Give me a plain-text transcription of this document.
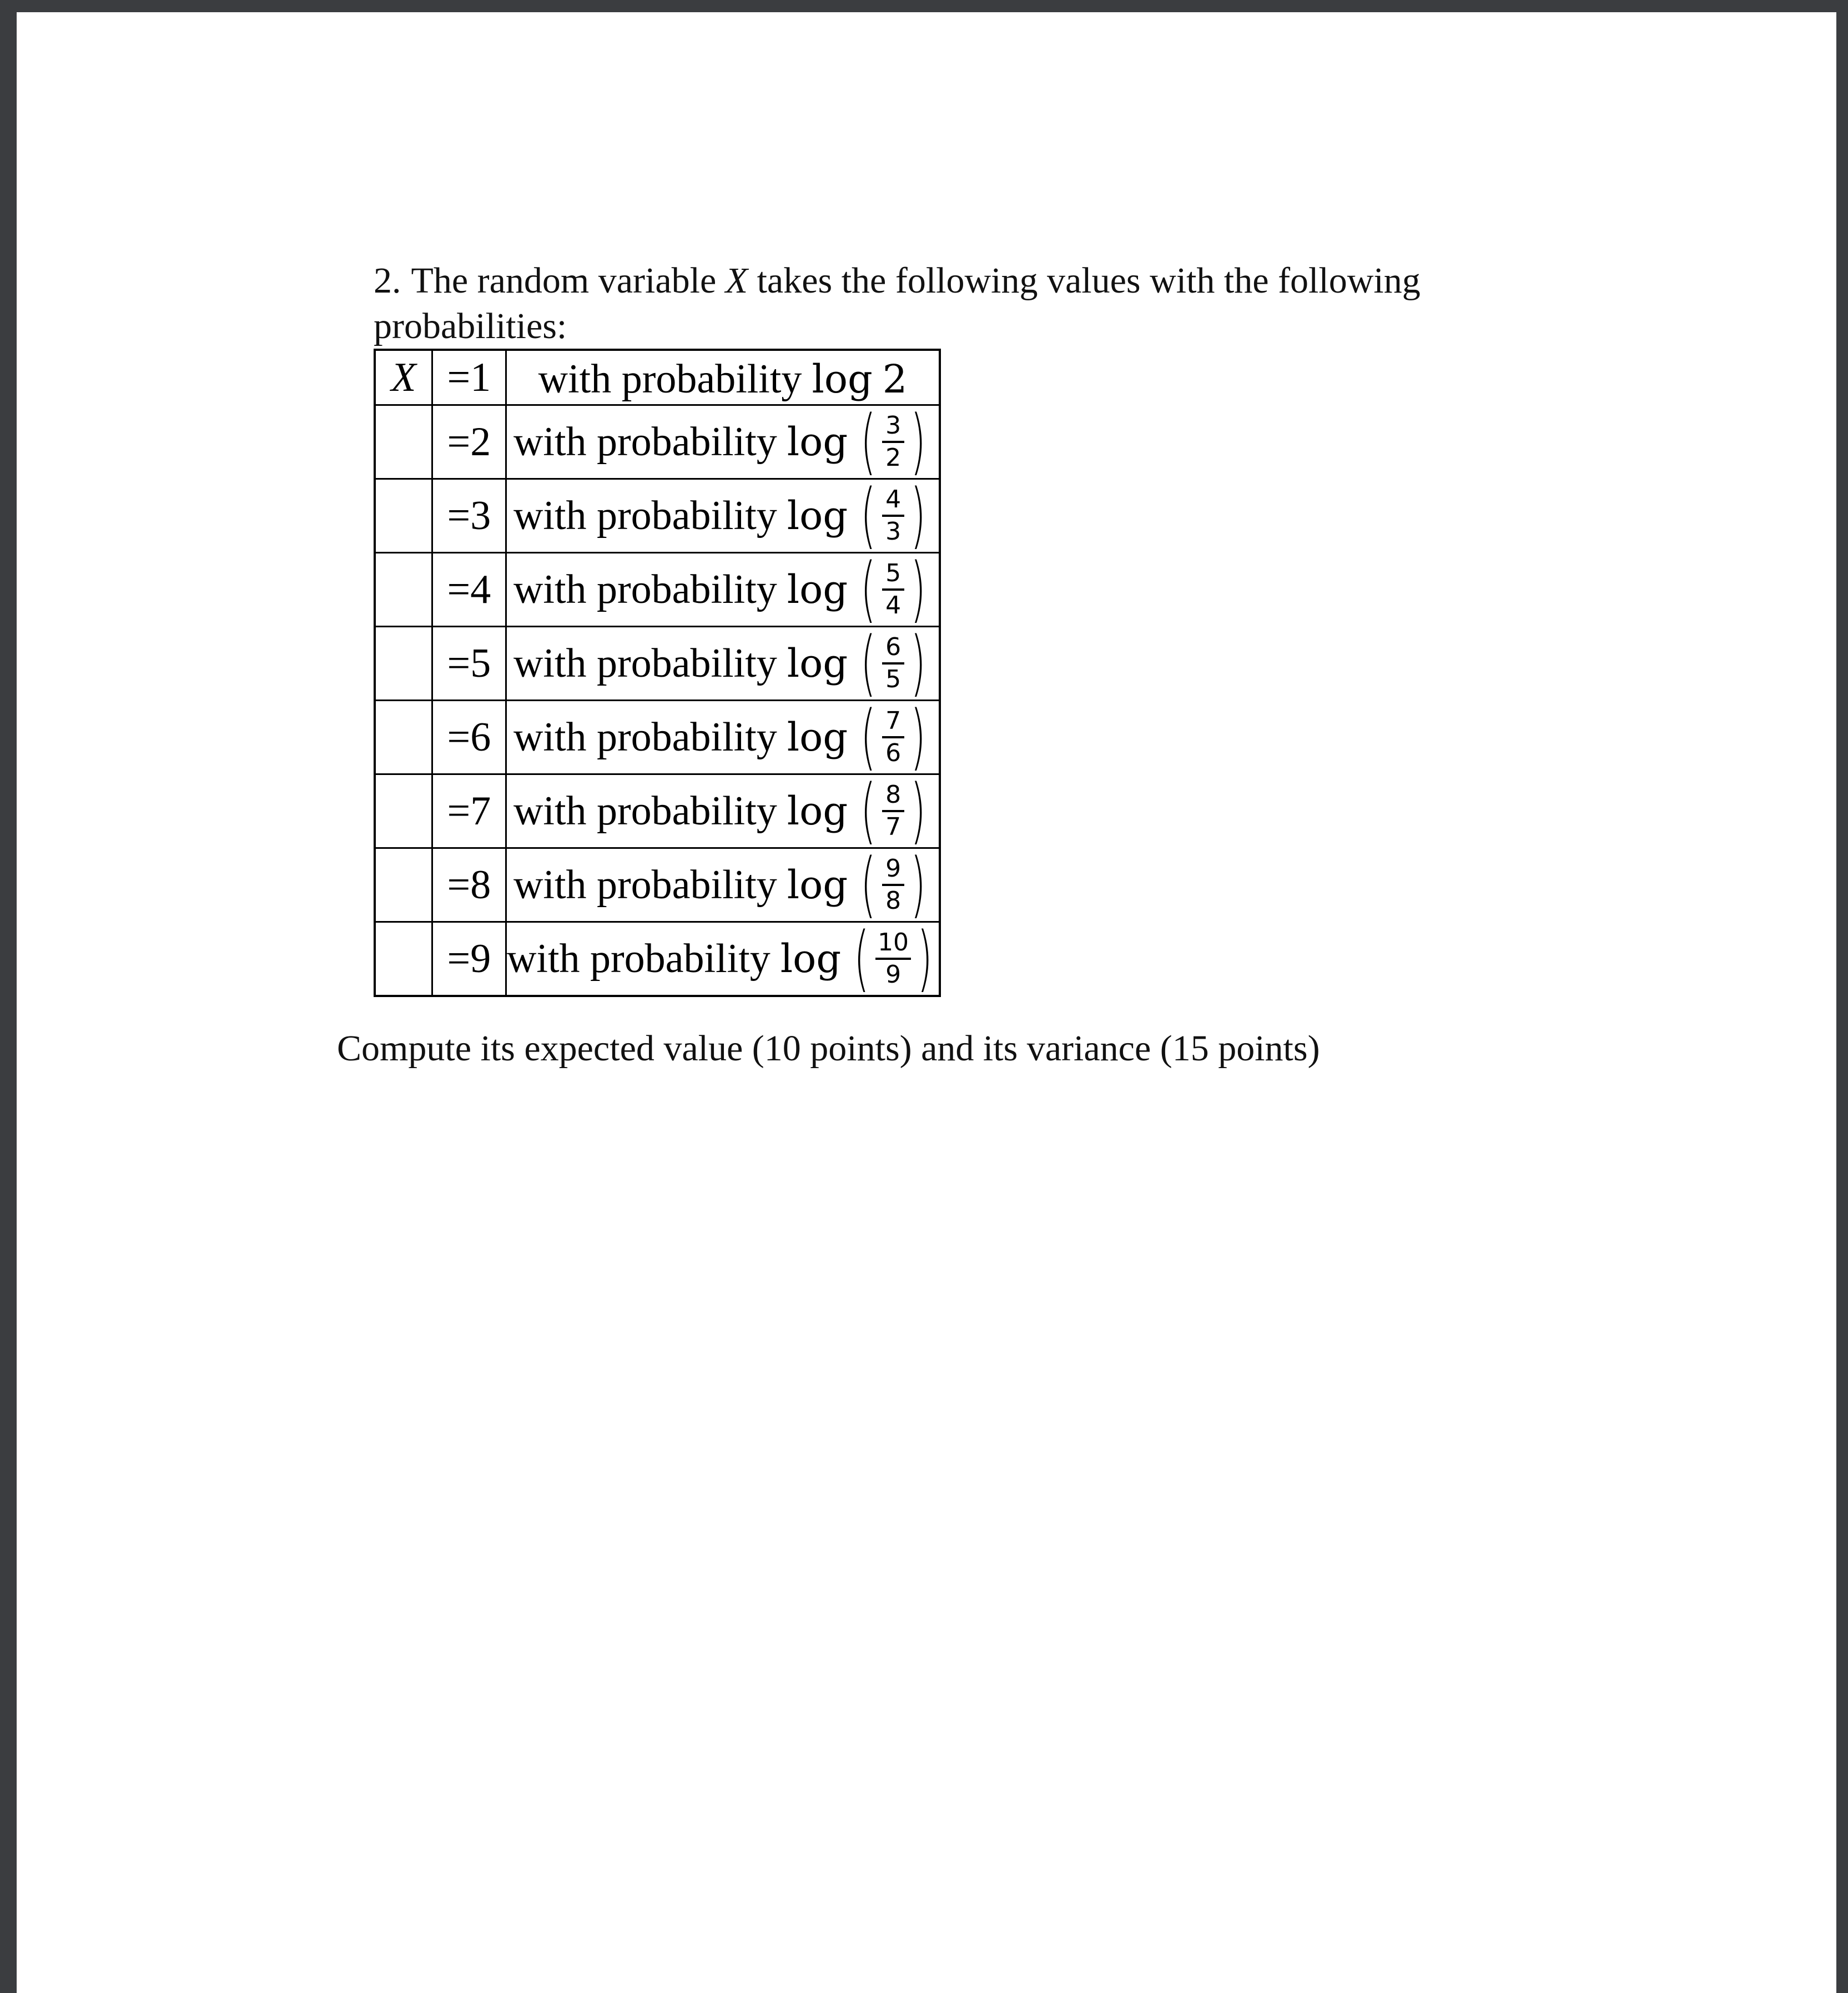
2. The random variable X takes the following values with the following
probabilities:
X	=1	with probability log 2
	=2	with probability log ( $\frac{3}{2}$ )
	=3	with probability log ( $\frac{4}{3}$ )
	=4	with probability log ( $\frac{5}{4}$ )
	=5	with probability log ( $\frac{6}{5}$ )
	=6	with probability log ( $\frac{7}{6}$ )
	=7	with probability log ( $\frac{8}{7}$ )
	=8	with probability log ( $\frac{9}{8}$ )
	=9	with probability log ( $\frac{10}{9}$ )
Compute its expected value (10 points) and its variance (15 points)
